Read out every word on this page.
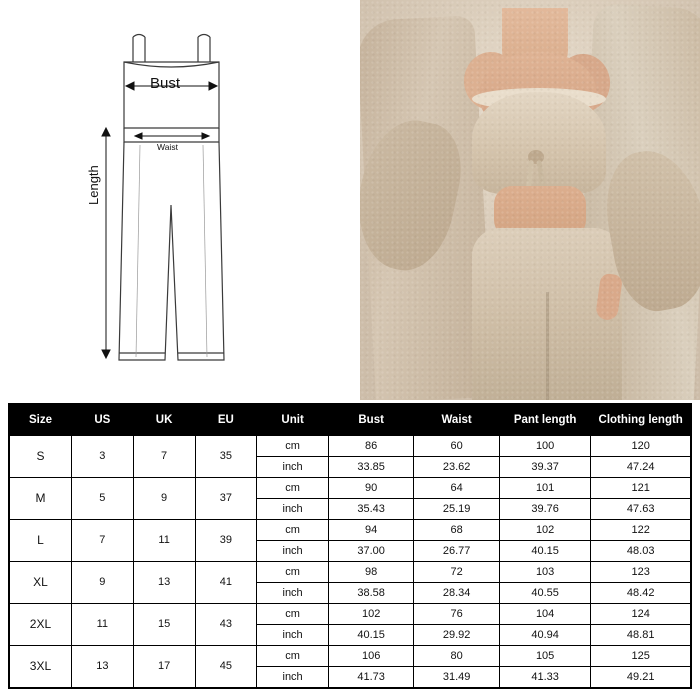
Bust
Waist
Length
Size	US	UK	EU	Unit	Bust	Waist	Pant length	Clothing length
S	3	7	35	cm	86	60	100	120
				inch	33.85	23.62	39.37	47.24
M	5	9	37	cm	90	64	101	121
				inch	35.43	25.19	39.76	47.63
L	7	11	39	cm	94	68	102	122
				inch	37.00	26.77	40.15	48.03
XL	9	13	41	cm	98	72	103	123
				inch	38.58	28.34	40.55	48.42
2XL	11	15	43	cm	102	76	104	124
				inch	40.15	29.92	40.94	48.81
3XL	13	17	45	cm	106	80	105	125
				inch	41.73	31.49	41.33	49.21
